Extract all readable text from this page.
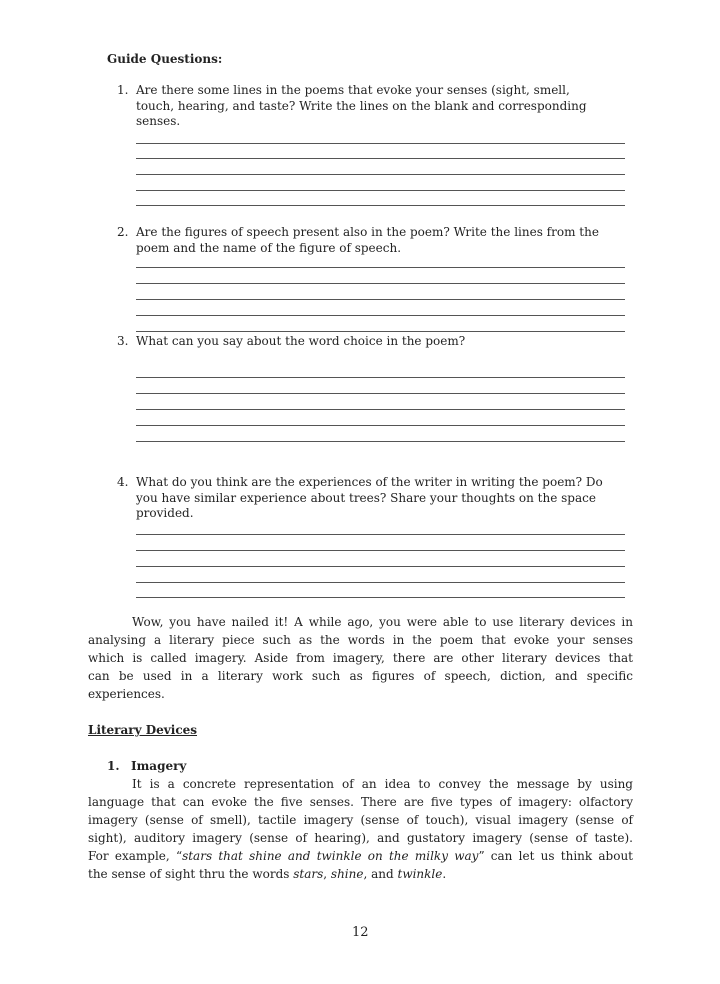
Guide Questions:
1. Are there some lines in the poems that evoke your senses (sight, smell,
touch, hearing, and taste? Write the lines on the blank and corresponding
senses.
2. Are the figures of speech present also in the poem? Write the lines from the
poem and the name of the figure of speech.
3. What can you say about the word choice in the poem?
4. What do you think are the experiences of the writer in writing the poem? Do
you have similar experience about trees? Share your thoughts on the space
provided.
Wow, you have nailed it! A while ago, you were able to use literary devices in
analysing a literary piece such as the words in the poem that evoke your senses
which is called imagery. Aside from imagery, there are other literary devices that
can be used in a literary work such as figures of speech, diction, and specific
experiences.
Literary Devices
1. Imagery
It is a concrete representation of an idea to convey the message by using
language that can evoke the five senses. There are five types of imagery: olfactory
imagery (sense of smell), tactile imagery (sense of touch), visual imagery (sense of
sight), auditory imagery (sense of hearing), and gustatory imagery (sense of taste).
For example, “stars that shine and twinkle on the milky way” can let us think about
the sense of sight thru the words stars, shine, and twinkle.
12
